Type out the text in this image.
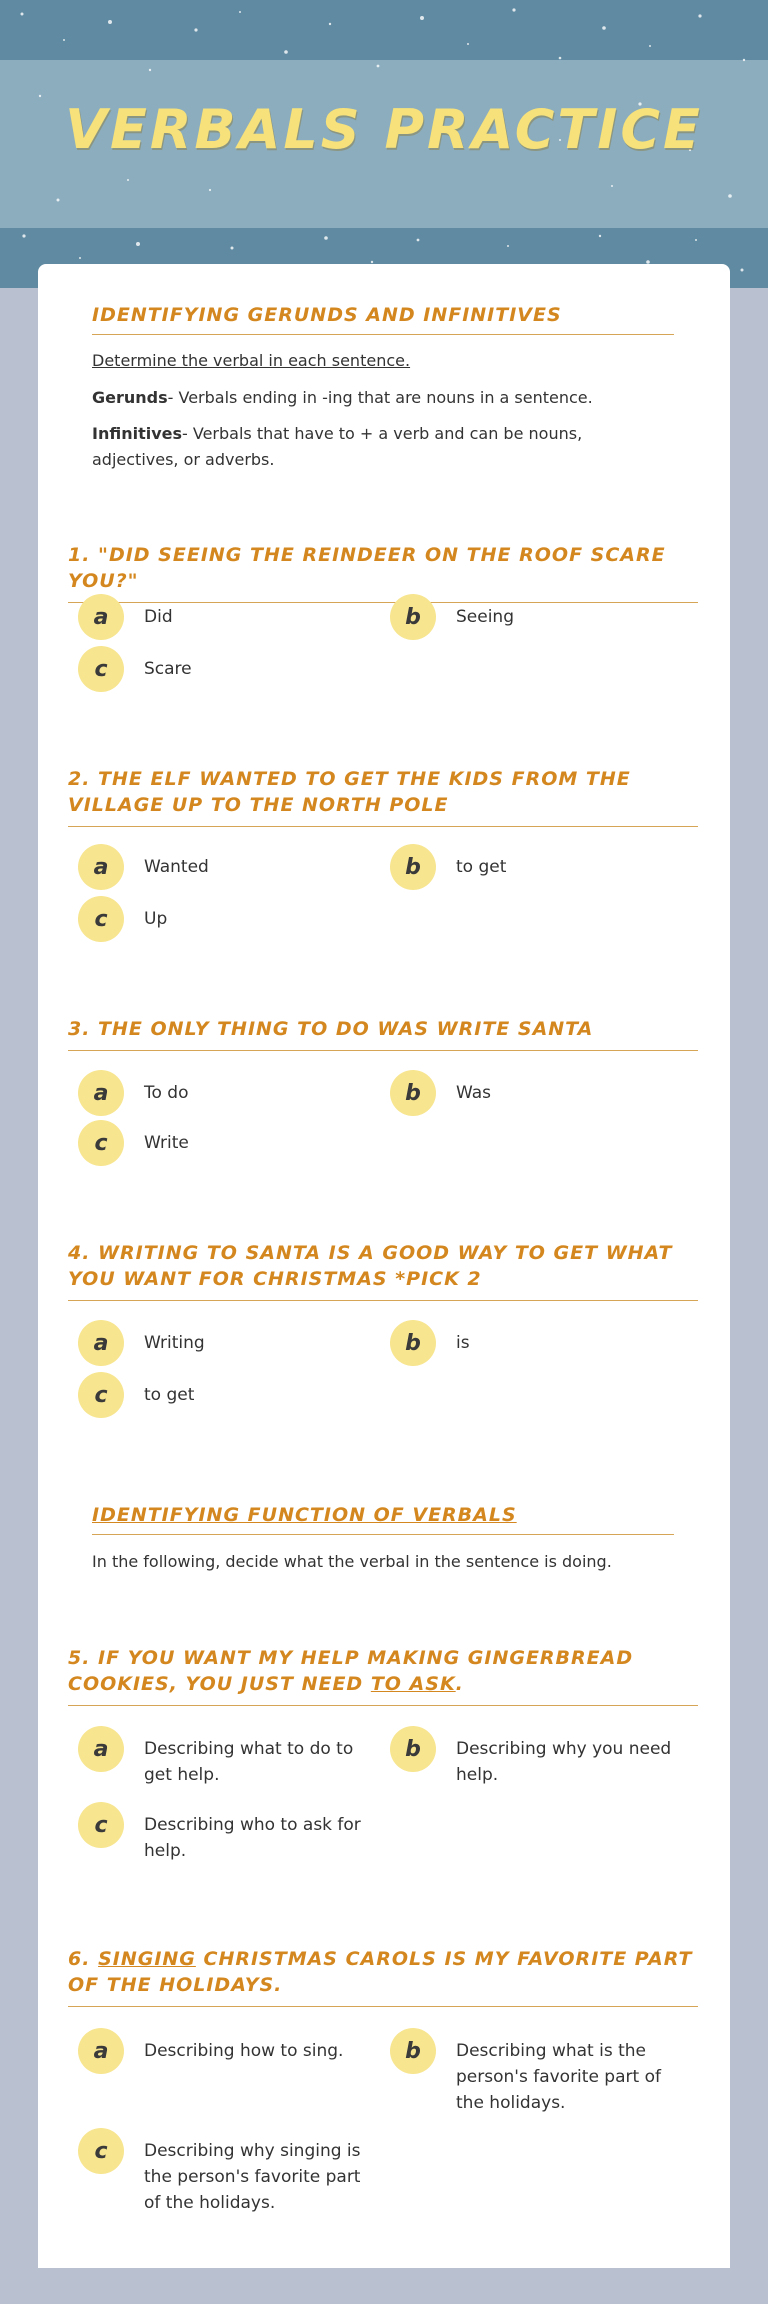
VERBALS PRACTICE
IDENTIFYING GERUNDS AND INFINITIVES

Determine the verbal in each sentence.

Gerunds- Verbals ending in -ing that are nouns in a sentence.

Infinitives- Verbals that have to + a verb and can be nouns, adjectives, or adverbs.

1. "DID SEEING THE REINDEER ON THE ROOF SCARE YOU?"
a	Did	b	Seeing
c	Scare
2. THE ELF WANTED TO GET THE KIDS FROM THE VILLAGE UP TO THE NORTH POLE
a	Wanted	b	to get
c	Up
3. THE ONLY THING TO DO WAS WRITE SANTA
a	To do	b	Was
c	Write
4. WRITING TO SANTA IS A GOOD WAY TO GET WHAT YOU WANT FOR CHRISTMAS *PICK 2
a	Writing	b	is
c	to get
IDENTIFYING FUNCTION OF VERBALS

In the following, decide what the verbal in the sentence is doing.

5. IF YOU WANT MY HELP MAKING GINGERBREAD COOKIES, YOU JUST NEED TO ASK.
a	Describing what to do to get help.
b	Describing why you need help.
c	Describing who to ask for help.
6. SINGING CHRISTMAS CAROLS IS MY FAVORITE PART OF THE HOLIDAYS.
a	Describing how to sing.	b	Describing what is the person's favorite part of the holidays.
c	Describing why singing is the person's favorite part of the holidays.
